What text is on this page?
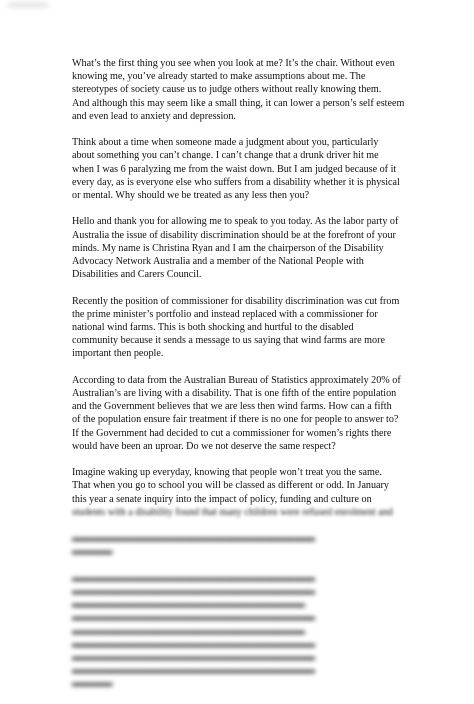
What’s the first thing you see when you look at me? It’s the chair. Without even
knowing me, you’ve already started to make assumptions about me. The
stereotypes of society cause us to judge others without really knowing them.
And although this may seem like a small thing, it can lower a person’s self esteem
and even lead to anxiety and depression.

Think about a time when someone made a judgment about you, particularly
about something you can’t change. I can’t change that a drunk driver hit me
when I was 6 paralyzing me from the waist down. But I am judged because of it
every day, as is everyone else who suffers from a disability whether it is physical
or mental. Why should we be treated as any less then you?

Hello and thank you for allowing me to speak to you today. As the labor party of
Australia the issue of disability discrimination should be at the forefront of your
minds. My name is Christina Ryan and I am the chairperson of the Disability
Advocacy Network Australia and a member of the National People with
Disabilities and Carers Council.

Recently the position of commissioner for disability discrimination was cut from
the prime minister’s portfolio and instead replaced with a commissioner for
national wind farms. This is both shocking and hurtful to the disabled
community because it sends a message to us saying that wind farms are more
important then people.

According to data from the Australian Bureau of Statistics approximately 20% of
Australian’s are living with a disability. That is one fifth of the entire population
and the Government believes that we are less then wind farms. How can a fifth
of the population ensure fair treatment if there is no one for people to answer to?
If the Government had decided to cut a commissioner for women’s rights there
would have been an uproar. Do we not deserve the same respect?

Imagine waking up everyday, knowing that people won’t treat you the same.
That when you go to school you will be classed as different or odd. In January
this year a senate inquiry into the impact of policy, funding and culture on
students with a disability found that many children were refused enrolment and

▬▬▬▬▬▬▬▬▬▬▬▬▬▬▬▬▬▬▬▬▬▬▬▬
▬▬▬▬

▬▬▬▬▬▬▬▬▬▬▬▬▬▬▬▬▬▬▬▬▬▬▬▬
▬▬▬▬▬▬▬▬▬▬▬▬▬▬▬▬▬▬▬▬▬▬▬▬
▬▬▬▬▬▬▬▬▬▬▬▬▬▬▬▬▬▬▬▬▬▬▬
▬▬▬▬▬▬▬▬▬▬▬▬▬▬▬▬▬▬▬▬▬▬▬▬
▬▬▬▬▬▬▬▬▬▬▬▬▬▬▬▬▬▬▬▬▬▬▬
▬▬▬▬▬▬▬▬▬▬▬▬▬▬▬▬▬▬▬▬▬▬▬▬
▬▬▬▬▬▬▬▬▬▬▬▬▬▬▬▬▬▬▬▬▬▬▬▬
▬▬▬▬▬▬▬▬▬▬▬▬▬▬▬▬▬▬▬▬▬▬▬▬
▬▬▬▬
